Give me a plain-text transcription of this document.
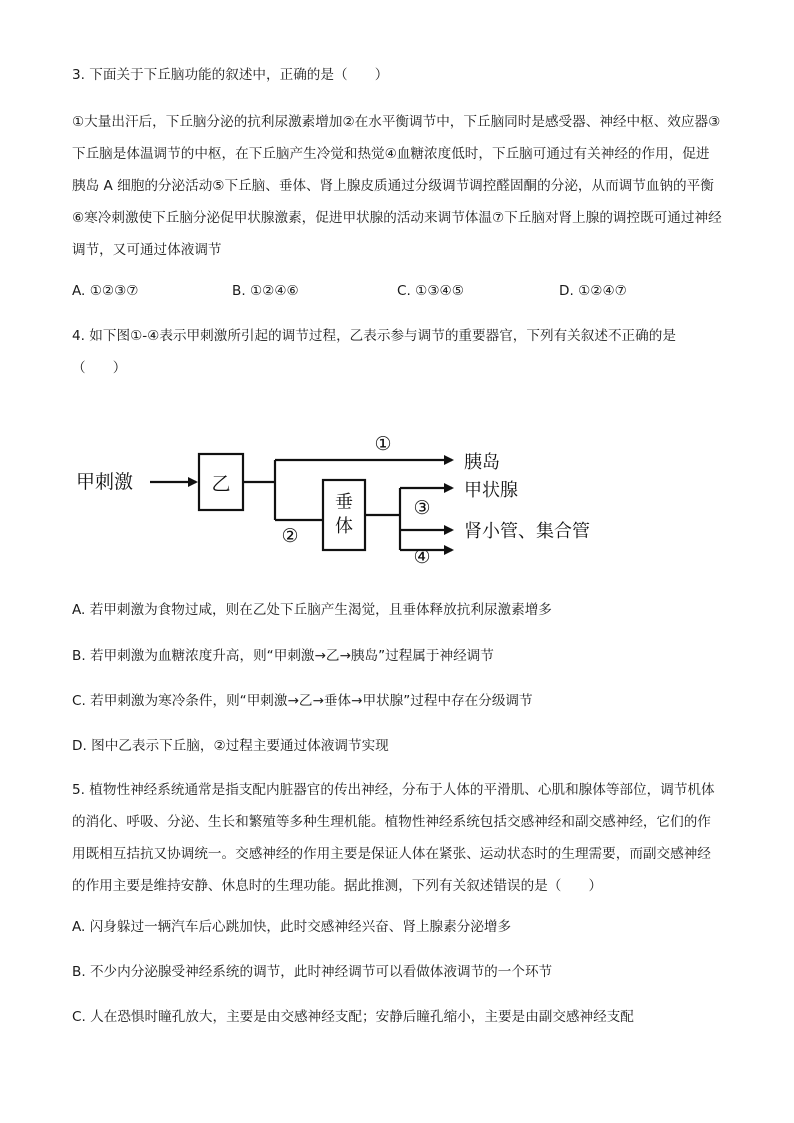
3. 下面关于下丘脑功能的叙述中，正确的是（　　）

①大量出汗后，下丘脑分泌的抗利尿激素增加②在水平衡调节中，下丘脑同时是感受器、神经中枢、效应器③下丘脑是体温调节的中枢，在下丘脑产生冷觉和热觉④血糖浓度低时，下丘脑可通过有关神经的作用，促进胰岛 A 细胞的分泌活动⑤下丘脑、垂体、肾上腺皮质通过分级调节调控醛固酮的分泌，从而调节血钠的平衡⑥寒冷刺激使下丘脑分泌促甲状腺激素，促进甲状腺的活动来调节体温⑦下丘脑对肾上腺的调控既可通过神经调节，又可通过体液调节

A. ①②③⑦	B. ①②④⑥	C. ①③④⑤	D. ①②④⑦

4. 如下图①-④表示甲刺激所引起的调节过程，乙表示参与调节的重要器官，下列有关叙述不正确的是（　　）

甲刺激	乙
①
胰岛
②
垂
体
甲状腺
③
肾小管、集合管
④
A. 若甲刺激为食物过咸，则在乙处下丘脑产生渴觉，且垂体释放抗利尿激素增多
B. 若甲刺激为血糖浓度升高，则“甲刺激→乙→胰岛”过程属于神经调节
C. 若甲刺激为寒冷条件，则“甲刺激→乙→垂体→甲状腺”过程中存在分级调节
D. 图中乙表示下丘脑，②过程主要通过体液调节实现

5. 植物性神经系统通常是指支配内脏器官的传出神经，分布于人体的平滑肌、心肌和腺体等部位，调节机体的消化、呼吸、分泌、生长和繁殖等多种生理机能。植物性神经系统包括交感神经和副交感神经，它们的作用既相互拮抗又协调统一。交感神经的作用主要是保证人体在紧张、运动状态时的生理需要，而副交感神经的作用主要是维持安静、休息时的生理功能。据此推测，下列有关叙述错误的是（　　）

A. 闪身躲过一辆汽车后心跳加快，此时交感神经兴奋、肾上腺素分泌增多
B. 不少内分泌腺受神经系统的调节，此时神经调节可以看做体液调节的一个环节
C. 人在恐惧时瞳孔放大，主要是由交感神经支配；安静后瞳孔缩小，主要是由副交感神经支配
